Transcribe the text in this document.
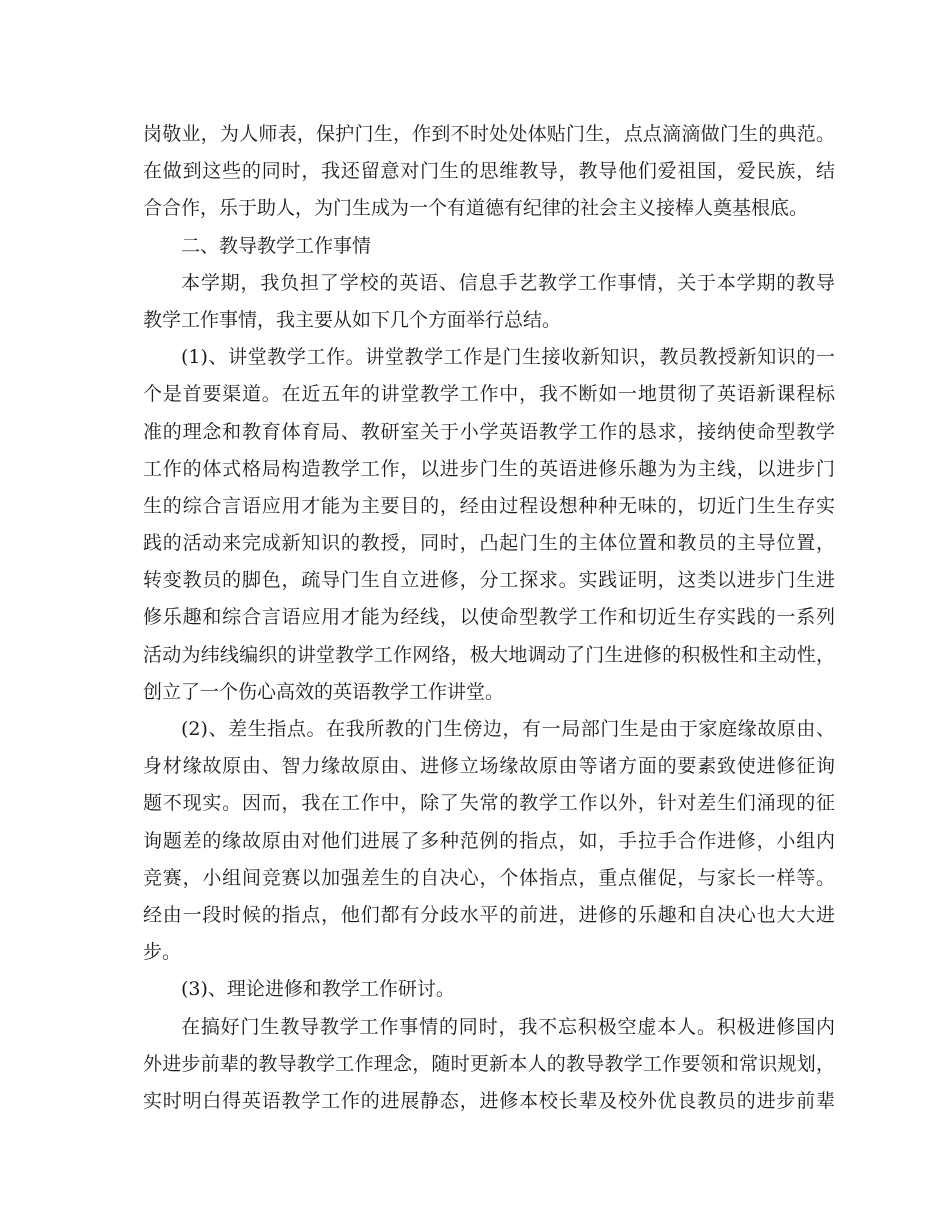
岗敬业，为人师表，保护门生，作到不时处处体贴门生，点点滴滴做门生的典范。
在做到这些的同时，我还留意对门生的思维教导，教导他们爱祖国，爱民族，结
合合作，乐于助人，为门生成为一个有道德有纪律的社会主义接棒人奠基根底。
二、教导教学工作事情
本学期，我负担了学校的英语、信息手艺教学工作事情，关于本学期的教导
教学工作事情，我主要从如下几个方面举行总结。
(1)、讲堂教学工作。讲堂教学工作是门生接收新知识，教员教授新知识的一
个是首要渠道。在近五年的讲堂教学工作中，我不断如一地贯彻了英语新课程标
准的理念和教育体育局、教研室关于小学英语教学工作的恳求，接纳使命型教学
工作的体式格局构造教学工作，以进步门生的英语进修乐趣为为主线，以进步门
生的综合言语应用才能为主要目的，经由过程设想种种无味的，切近门生生存实
践的活动来完成新知识的教授，同时，凸起门生的主体位置和教员的主导位置，
转变教员的脚色，疏导门生自立进修，分工探求。实践证明，这类以进步门生进
修乐趣和综合言语应用才能为经线，以使命型教学工作和切近生存实践的一系列
活动为纬线编织的讲堂教学工作网络，极大地调动了门生进修的积极性和主动性，
创立了一个伤心高效的英语教学工作讲堂。
(2)、差生指点。在我所教的门生傍边，有一局部门生是由于家庭缘故原由、
身材缘故原由、智力缘故原由、进修立场缘故原由等诸方面的要素致使进修征询
题不现实。因而，我在工作中，除了失常的教学工作以外，针对差生们涌现的征
询题差的缘故原由对他们进展了多种范例的指点，如，手拉手合作进修，小组内
竞赛，小组间竞赛以加强差生的自决心，个体指点，重点催促，与家长一样等。
经由一段时候的指点，他们都有分歧水平的前进，进修的乐趣和自决心也大大进
步。
(3)、理论进修和教学工作研讨。
在搞好门生教导教学工作事情的同时，我不忘积极空虚本人。积极进修国内
外进步前辈的教导教学工作理念，随时更新本人的教导教学工作要领和常识规划，
实时明白得英语教学工作的进展静态，进修本校长辈及校外优良教员的进步前辈
